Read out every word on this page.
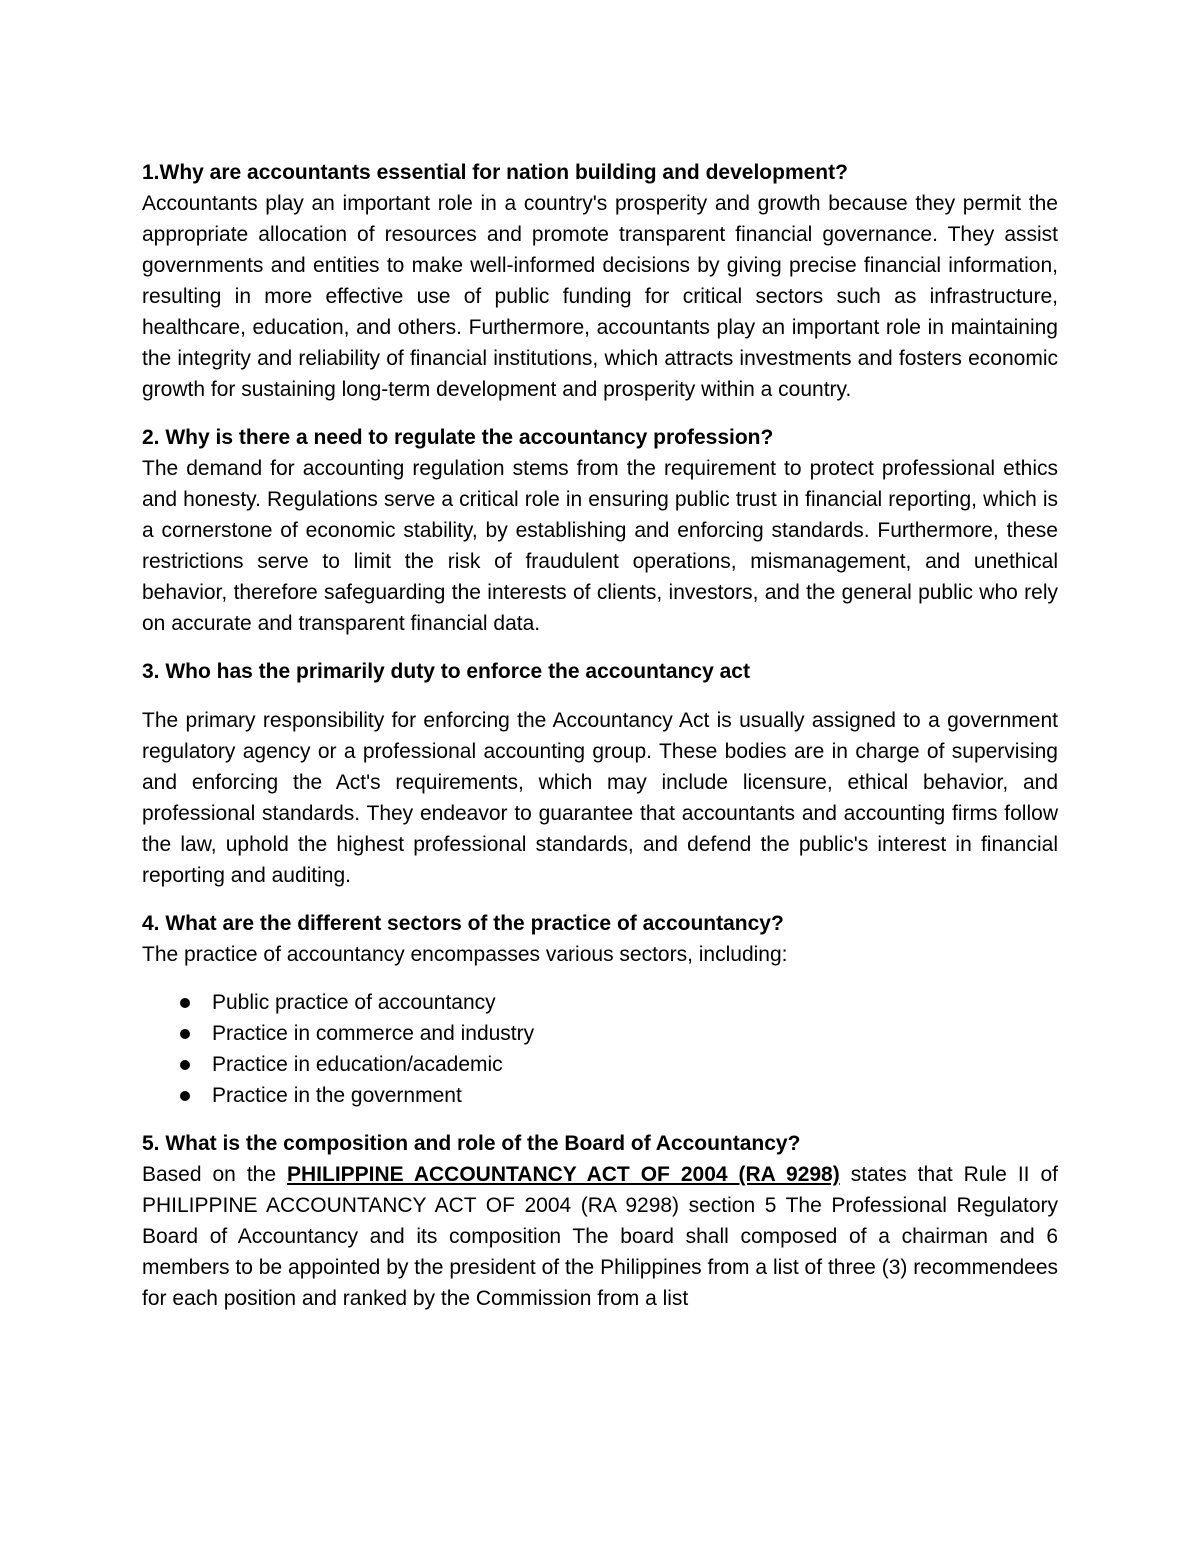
1.Why are accountants essential for nation building and development?

Accountants play an important role in a country's prosperity and growth because they permit the appropriate allocation of resources and promote transparent financial governance. They assist governments and entities to make well-informed decisions by giving precise financial information, resulting in more effective use of public funding for critical sectors such as infrastructure, healthcare, education, and others. Furthermore, accountants play an important role in maintaining the integrity and reliability of financial institutions, which attracts investments and fosters economic growth for sustaining long-term development and prosperity within a country.

2. Why is there a need to regulate the accountancy profession?

The demand for accounting regulation stems from the requirement to protect professional ethics and honesty. Regulations serve a critical role in ensuring public trust in financial reporting, which is a cornerstone of economic stability, by establishing and enforcing standards. Furthermore, these restrictions serve to limit the risk of fraudulent operations, mismanagement, and unethical behavior, therefore safeguarding the interests of clients, investors, and the general public who rely on accurate and transparent financial data.

3. Who has the primarily duty to enforce the accountancy act

The primary responsibility for enforcing the Accountancy Act is usually assigned to a government regulatory agency or a professional accounting group. These bodies are in charge of supervising and enforcing the Act's requirements, which may include licensure, ethical behavior, and professional standards. They endeavor to guarantee that accountants and accounting firms follow the law, uphold the highest professional standards, and defend the public's interest in financial reporting and auditing.

4. What are the different sectors of the practice of accountancy?

The practice of accountancy encompasses various sectors, including:

Public practice of accountancy
Practice in commerce and industry
Practice in education/academic
Practice in the government

5. What is the composition and role of the Board of Accountancy?

Based on the PHILIPPINE ACCOUNTANCY ACT OF 2004 (RA 9298) states that Rule II of PHILIPPINE ACCOUNTANCY ACT OF 2004 (RA 9298) section 5 The Professional Regulatory Board of Accountancy and its composition The board shall composed of a chairman and 6 members to be appointed by the president of the Philippines from a list of three (3) recommendees for each position and ranked by the Commission from a list
